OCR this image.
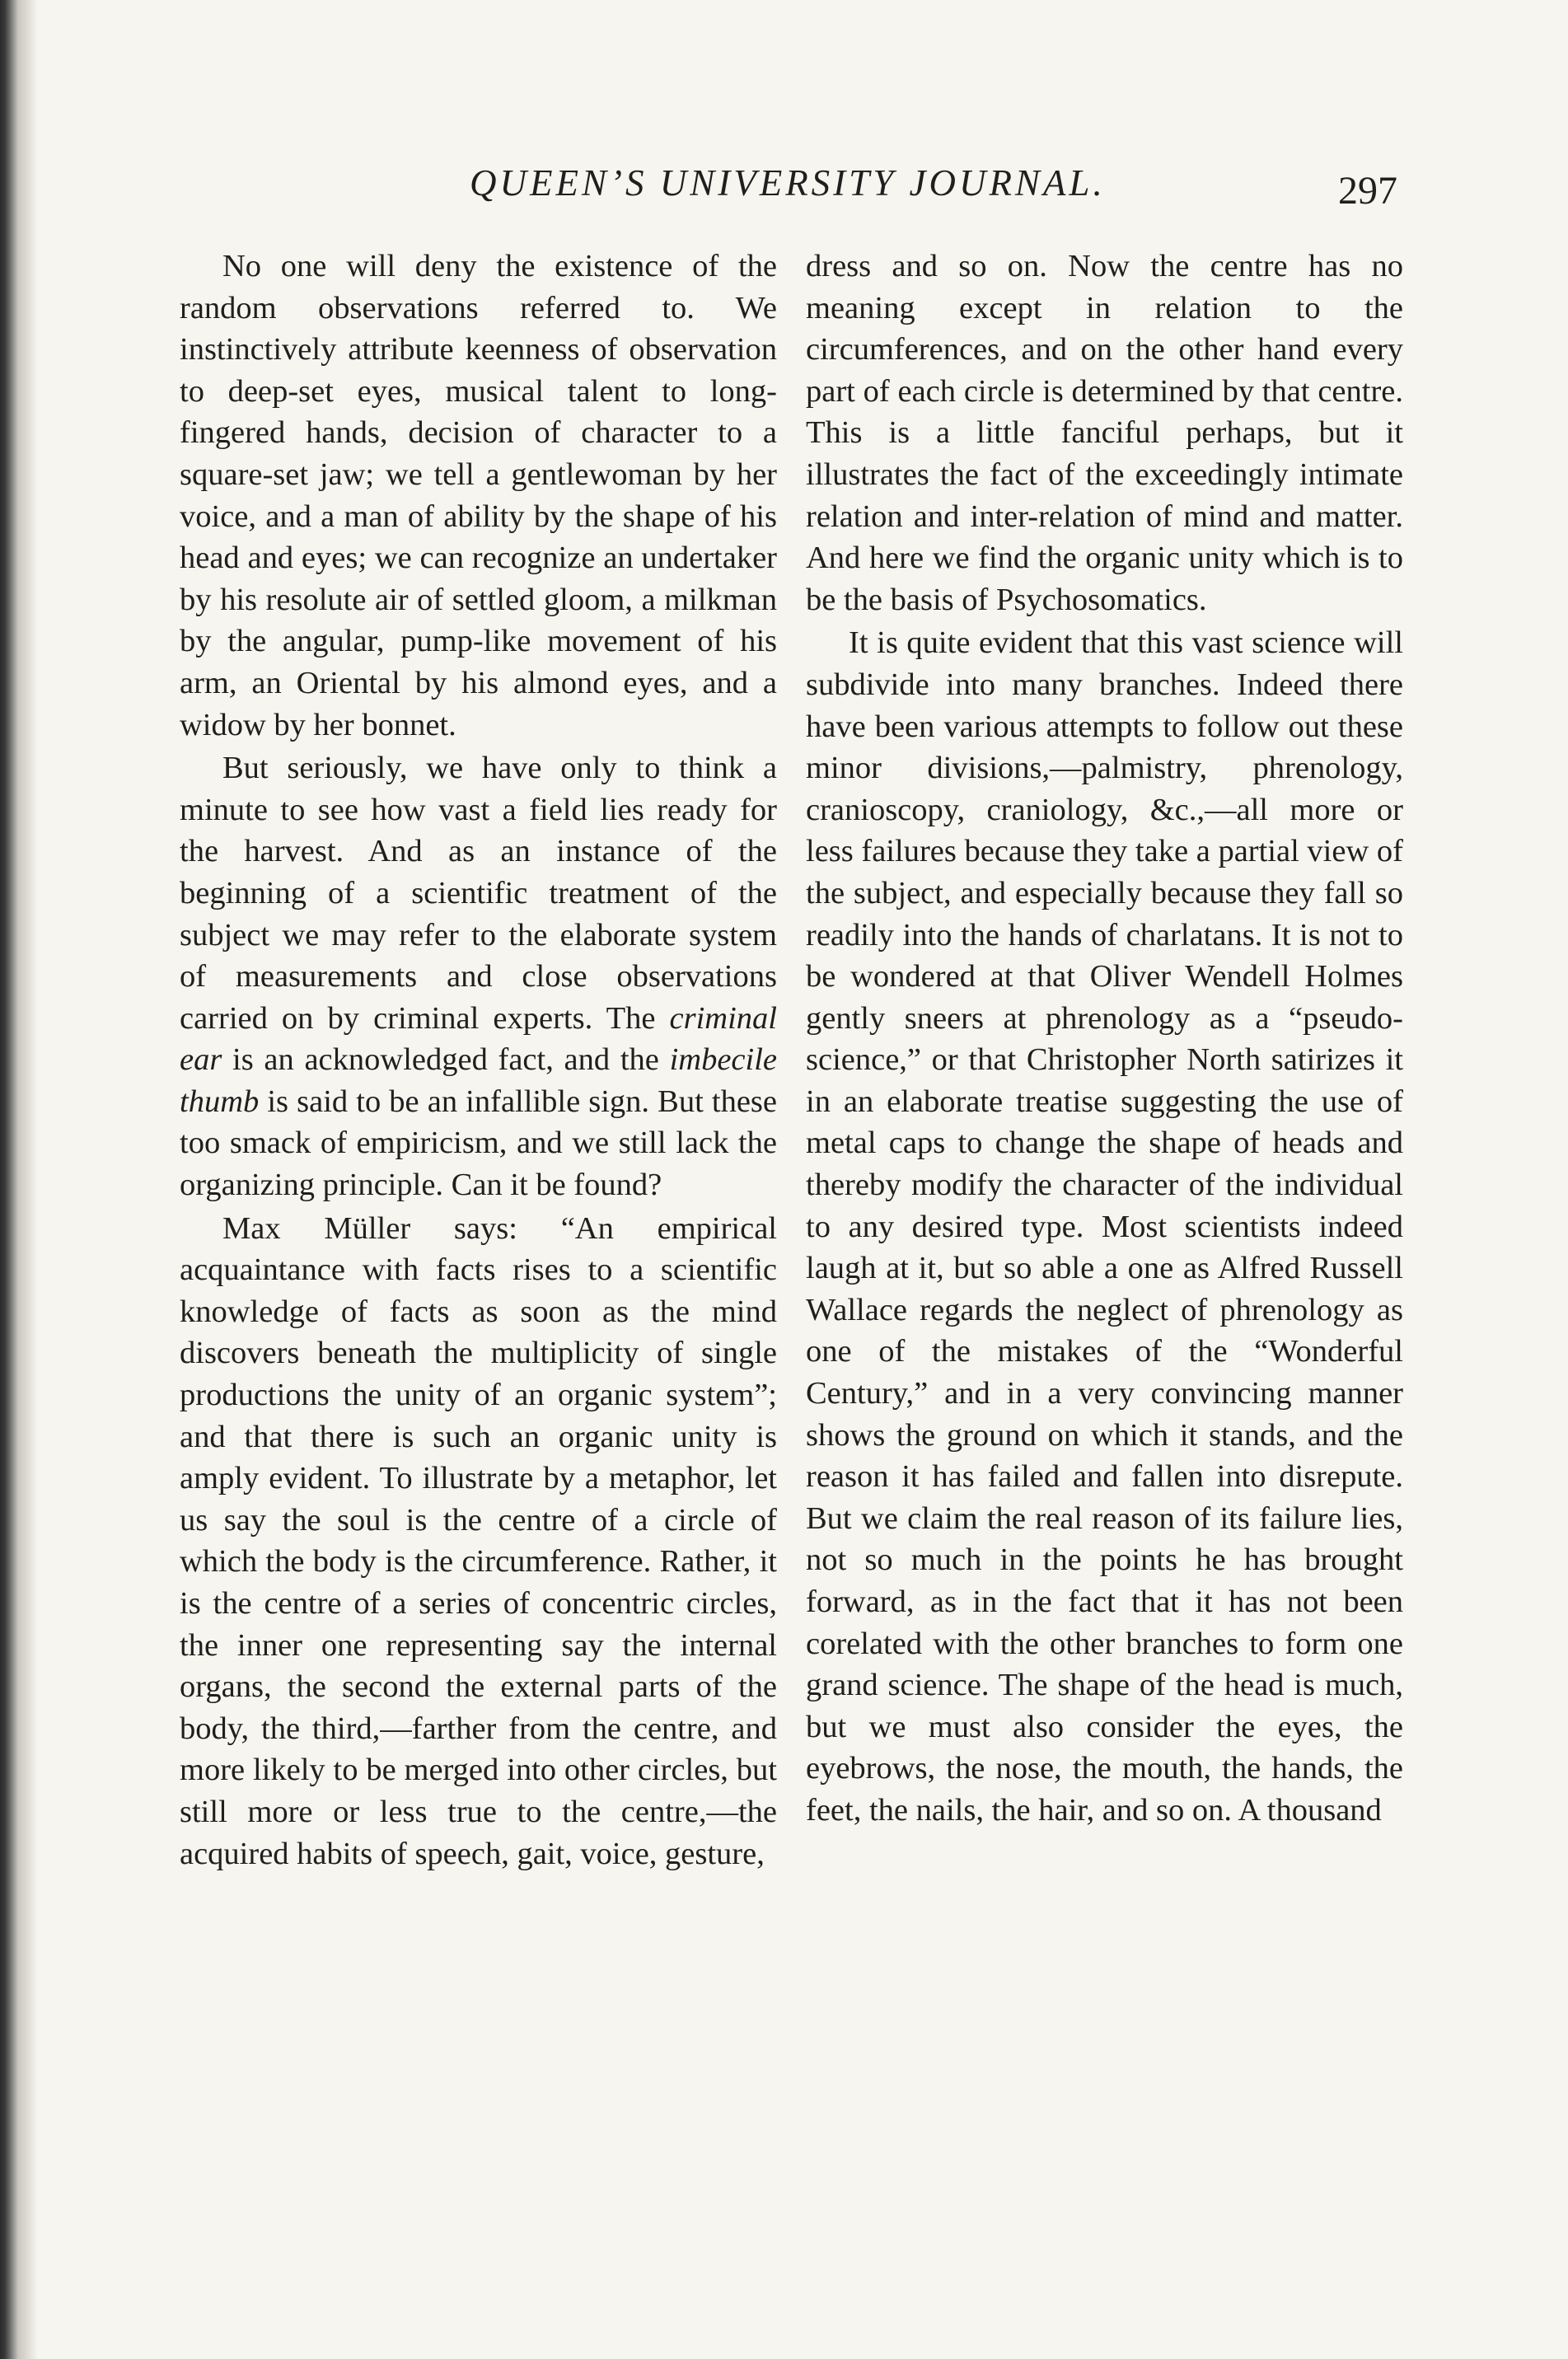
QUEEN’S UNIVERSITY JOURNAL.	297

No one will deny the existence of the random observations referred to. We instinctively attribute keenness of observation to deep-set eyes, musical talent to long-fingered hands, decision of character to a square-set jaw; we tell a gentlewoman by her voice, and a man of ability by the shape of his head and eyes; we can recognize an undertaker by his resolute air of settled gloom, a milkman by the angular, pump-like movement of his arm, an Oriental by his almond eyes, and a widow by her bonnet.

But seriously, we have only to think a minute to see how vast a field lies ready for the harvest. And as an instance of the beginning of a scientific treatment of the subject we may refer to the elaborate system of measurements and close observations carried on by criminal experts. The criminal ear is an acknowledged fact, and the imbecile thumb is said to be an infallible sign. But these too smack of empiricism, and we still lack the organizing principle. Can it be found?

Max Müller says: “An empirical acquaintance with facts rises to a scientific knowledge of facts as soon as the mind discovers beneath the multiplicity of single productions the unity of an organic system”; and that there is such an organic unity is amply evident. To illustrate by a metaphor, let us say the soul is the centre of a circle of which the body is the circumference. Rather, it is the centre of a series of concentric circles, the inner one representing say the internal organs, the second the external parts of the body, the third,—farther from the centre, and more likely to be merged into other circles, but still more or less true to the centre,—the acquired habits of speech, gait, voice, gesture,

dress and so on. Now the centre has no meaning except in relation to the circumferences, and on the other hand every part of each circle is determined by that centre. This is a little fanciful perhaps, but it illustrates the fact of the exceedingly intimate relation and inter-relation of mind and matter. And here we find the organic unity which is to be the basis of Psychosomatics.

It is quite evident that this vast science will subdivide into many branches. Indeed there have been various attempts to follow out these minor divisions,—palmistry, phrenology, cranioscopy, craniology, &c.,—all more or less failures because they take a partial view of the subject, and especially because they fall so readily into the hands of charlatans. It is not to be wondered at that Oliver Wendell Holmes gently sneers at phrenology as a “pseudo-science,” or that Christopher North satirizes it in an elaborate treatise suggesting the use of metal caps to change the shape of heads and thereby modify the character of the individual to any desired type. Most scientists indeed laugh at it, but so able a one as Alfred Russell Wallace regards the neglect of phrenology as one of the mistakes of the “Wonderful Century,” and in a very convincing manner shows the ground on which it stands, and the reason it has failed and fallen into disrepute. But we claim the real reason of its failure lies, not so much in the points he has brought forward, as in the fact that it has not been corelated with the other branches to form one grand science. The shape of the head is much, but we must also consider the eyes, the eyebrows, the nose, the mouth, the hands, the feet, the nails, the hair, and so on. A thousand
